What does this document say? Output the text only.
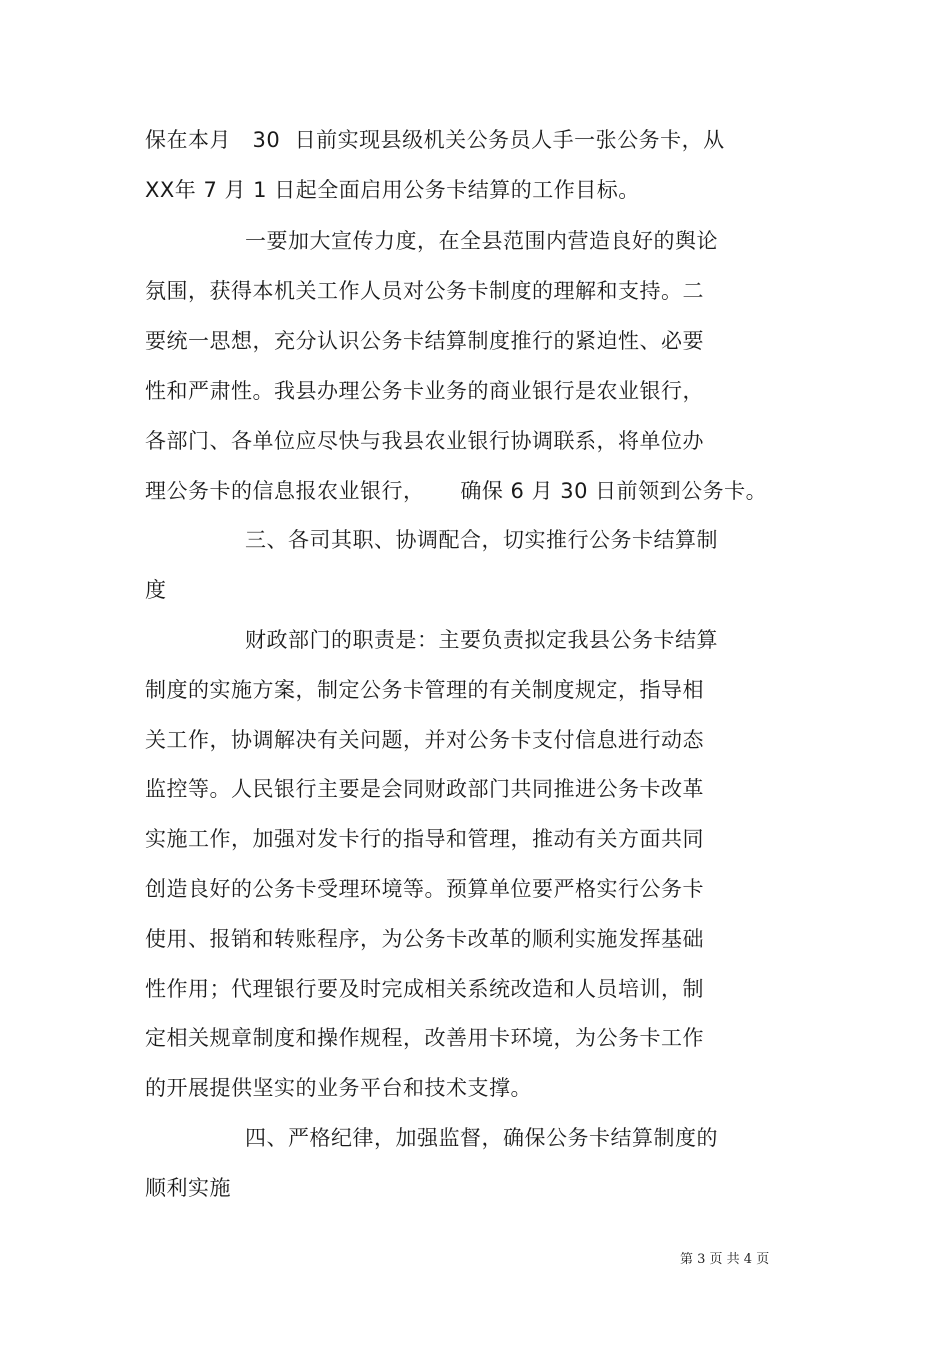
保在本月   30  日前实现县级机关公务员人手一张公务卡，从
XX年 7 月 1 日起全面启用公务卡结算的工作目标。
一要加大宣传力度，在全县范围内营造良好的舆论
氛围，获得本机关工作人员对公务卡制度的理解和支持。二
要统一思想，充分认识公务卡结算制度推行的紧迫性、必要
性和严肃性。我县办理公务卡业务的商业银行是农业银行，
各部门、各单位应尽快与我县农业银行协调联系，将单位办
理公务卡的信息报农业银行，     确保 6 月 30 日前领到公务卡。
三、各司其职、协调配合，切实推行公务卡结算制
度
财政部门的职责是：主要负责拟定我县公务卡结算
制度的实施方案，制定公务卡管理的有关制度规定，指导相
关工作，协调解决有关问题，并对公务卡支付信息进行动态
监控等。人民银行主要是会同财政部门共同推进公务卡改革
实施工作，加强对发卡行的指导和管理，推动有关方面共同
创造良好的公务卡受理环境等。预算单位要严格实行公务卡
使用、报销和转账程序，为公务卡改革的顺利实施发挥基础
性作用；代理银行要及时完成相关系统改造和人员培训，制
定相关规章制度和操作规程，改善用卡环境，为公务卡工作
的开展提供坚实的业务平台和技术支撑。
四、严格纪律，加强监督，确保公务卡结算制度的
顺利实施
第 3 页 共 4 页
